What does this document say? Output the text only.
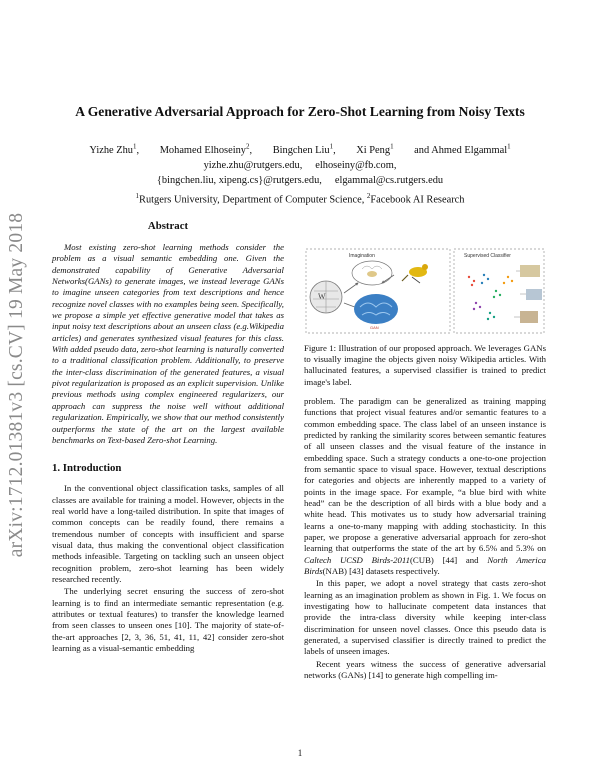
arXiv:1712.01381v3 [cs.CV] 19 May 2018
A Generative Adversarial Approach for Zero-Shot Learning from Noisy Texts
Yizhe Zhu$^1$, Mohamed Elhoseiny$^2$, Bingchen Liu$^1$, Xi Peng$^1$ and Ahmed Elgammal$^1$
yizhe.zhu@rutgers.edu,     elhoseiny@fb.com,
{bingchen.liu, xipeng.cs}@rutgers.edu,     elgammal@cs.rutgers.edu
$^1$Rutgers University, Department of Computer Science, $^2$Facebook AI Research
Abstract

Most existing zero-shot learning methods consider the problem as a visual semantic embedding one. Given the demonstrated capability of Generative Adversarial Networks(GANs) to generate images, we instead leverage GANs to imagine unseen categories from text descriptions and hence recognize novel classes with no examples being seen. Specifically, we propose a simple yet effective generative model that takes as input noisy text descriptions about an unseen class (e.g.Wikipedia articles) and generates synthesized visual features for this class. With added pseudo data, zero-shot learning is naturally converted to a traditional classification problem. Additionally, to preserve the inter-class discrimination of the generated features, a visual pivot regularization is proposed as an explicit supervision. Unlike previous methods using complex engineered regularizers, our approach can suppress the noise well without additional regularization. Empirically, we show that our method consistently outperforms the state of the art on the largest available benchmarks on Text-based Zero-shot Learning.

1. Introduction

In the conventional object classification tasks, samples of all classes are available for training a model. However, objects in the real world have a long-tailed distribution. In spite that images of common concepts can be readily found, there remains a tremendous number of concepts with insufficient and sparse visual data, thus making the conventional object classification methods infeasible. Targeting on tackling such an unseen object recognition problem, zero-shot learning has been widely researched recently.

The underlying secret ensuring the success of zero-shot learning is to find an intermediate semantic representation (e.g. attributes or textual features) to transfer the knowledge learned from seen classes to unseen ones [10]. The majority of state-of-the-art approaches [2, 3, 36, 51, 41, 11, 42] consider zero-shot learning as a visual-semantic embedding

Imagination
W
GAN
Supervised Classifier

Figure 1: Illustration of our proposed approach. We leverages GANs to visually imagine the objects given noisy Wikipedia articles. With hallucinated features, a supervised classifier is trained to predict image's label.

problem. The paradigm can be generalized as training mapping functions that project visual features and/or semantic features to a common embedding space. The class label of an unseen instance is predicted by ranking the similarity scores between semantic features of all unseen classes and the visual feature of the instance in embedding space. Such a strategy conducts a one-to-one projection from semantic space to visual space. However, textual descriptions for categories and objects are inherently mapped to a variety of points in the image space. For example, “a blue bird with white head” can be the description of all birds with a blue body and a white head. This motivates us to study how adversarial training learns a one-to-many mapping with adding stochasticity. In this paper, we propose a generative adversarial approach for zero-shot learning that outperforms the state of the art by 6.5% and 5.3% on Caltech UCSD Birds-2011(CUB) [44] and North America Birds(NAB) [43] datasets respectively.

In this paper, we adopt a novel strategy that casts zero-shot learning as an imagination problem as shown in Fig. 1. We focus on investigating how to hallucinate competent data instances that provide the intra-class diversity while keeping inter-class discrimination for unseen novel classes. Once this pseudo data is generated, a supervised classifier is directly trained to predict the labels of unseen images.

Recent years witness the success of generative adversarial networks (GANs) [14] to generate high compelling im-

1
